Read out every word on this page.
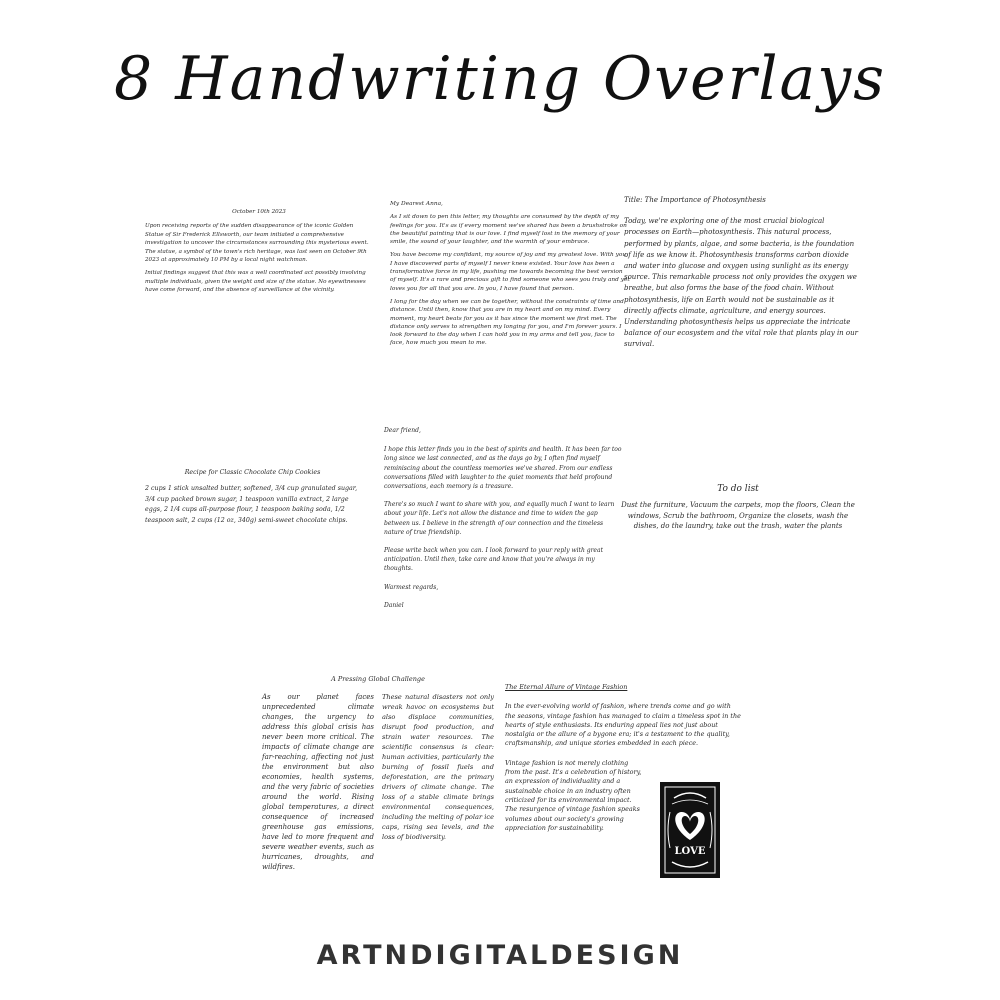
8 Handwriting Overlays

October 10th 2023

Upon receiving reports of the sudden disappearance of the iconic Golden Statue of Sir Frederick Ellsworth, our team initiated a comprehensive investigation to uncover the circumstances surrounding this mysterious event. The statue, a symbol of the town's rich heritage, was last seen on October 9th 2023 at approximately 10 PM by a local night watchman.

Initial findings suggest that this was a well coordinated act possibly involving multiple individuals, given the weight and size of the statue. No eyewitnesses have come forward, and the absence of surveillance at the vicinity.

My Dearest Anna,

As I sit down to pen this letter, my thoughts are consumed by the depth of my feelings for you. It's as if every moment we've shared has been a brushstroke on the beautiful painting that is our love. I find myself lost in the memory of your smile, the sound of your laughter, and the warmth of your embrace.

You have become my confidant, my source of joy and my greatest love. With you, I have discovered parts of myself I never knew existed. Your love has been a transformative force in my life, pushing me towards becoming the best version of myself. It's a rare and precious gift to find someone who sees you truly and yet loves you for all that you are. In you, I have found that person.

I long for the day when we can be together, without the constraints of time and distance. Until then, know that you are in my heart and on my mind. Every moment, my heart beats for you as it has since the moment we first met. The distance only serves to strengthen my longing for you, and I'm forever yours. I look forward to the day when I can hold you in my arms and tell you, face to face, how much you mean to me.

Title: The Importance of Photosynthesis

Today, we're exploring one of the most crucial biological processes on Earth—photosynthesis. This natural process, performed by plants, algae, and some bacteria, is the foundation of life as we know it. Photosynthesis transforms carbon dioxide and water into glucose and oxygen using sunlight as its energy source. This remarkable process not only provides the oxygen we breathe, but also forms the base of the food chain. Without photosynthesis, life on Earth would not be sustainable as it directly affects climate, agriculture, and energy sources. Understanding photosynthesis helps us appreciate the intricate balance of our ecosystem and the vital role that plants play in our survival.

Recipe for Classic Chocolate Chip Cookies

2 cups 1 stick unsalted butter, softened, 3/4 cup granulated sugar, 3/4 cup packed brown sugar, 1 teaspoon vanilla extract, 2 large eggs, 2 1/4 cups all-purpose flour, 1 teaspoon baking soda, 1/2 teaspoon salt, 2 cups (12 oz, 340g) semi-sweet chocolate chips.

Dear friend,

I hope this letter finds you in the best of spirits and health. It has been far too long since we last connected, and as the days go by, I often find myself reminiscing about the countless memories we've shared. From our endless conversations filled with laughter to the quiet moments that held profound conversations, each memory is a treasure.

There's so much I want to share with you, and equally much I want to learn about your life. Let's not allow the distance and time to widen the gap between us. I believe in the strength of our connection and the timeless nature of true friendship.

Please write back when you can. I look forward to your reply with great anticipation. Until then, take care and know that you're always in my thoughts.

Warmest regards,

Daniel

To do list

Dust the furniture, Vacuum the carpets, mop the floors, Clean the windows, Scrub the bathroom, Organize the closets, wash the dishes, do the laundry, take out the trash, water the plants

A Pressing Global Challenge

As our planet faces unprecedented climate changes, the urgency to address this global crisis has never been more critical. The impacts of climate change are far-reaching, affecting not just the environment but also economies, health systems, and the very fabric of societies around the world. Rising global temperatures, a direct consequence of increased greenhouse gas emissions, have led to more frequent and severe weather events, such as hurricanes, droughts, and wildfires.

These natural disasters not only wreak havoc on ecosystems but also displace communities, disrupt food production, and strain water resources. The scientific consensus is clear: human activities, particularly the burning of fossil fuels and deforestation, are the primary drivers of climate change. The loss of a stable climate brings environmental consequences, including the melting of polar ice caps, rising sea levels, and the loss of biodiversity.

The Eternal Allure of Vintage Fashion

In the ever-evolving world of fashion, where trends come and go with the seasons, vintage fashion has managed to claim a timeless spot in the hearts of style enthusiasts. Its enduring appeal lies not just about nostalgia or the allure of a bygone era; it's a testament to the quality, craftsmanship, and unique stories embedded in each piece.

Vintage fashion is not merely clothing from the past. It's a celebration of history, an expression of individuality and a sustainable choice in an industry often criticized for its environmental impact. The resurgence of vintage fashion speaks volumes about our society's growing appreciation for sustainability.

LOVE
ARTNDIGITALDESIGN
